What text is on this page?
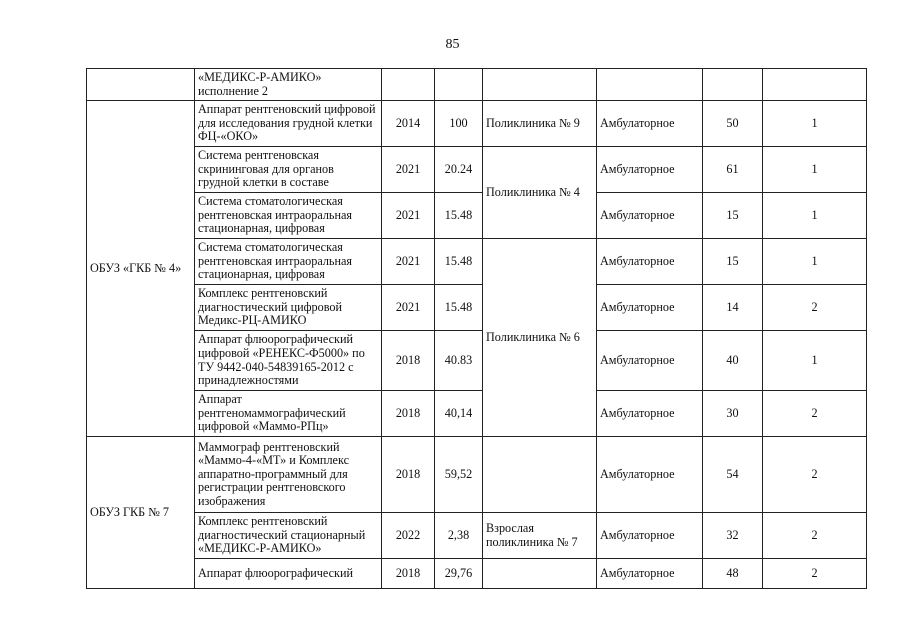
85
	«МЕДИКС-Р-АМИКО» исполнение 2						
ОБУЗ «ГКБ № 4»	Аппарат рентгеновский цифровой для исследования грудной клетки ФЦ-«ОКО»	2014	100	Поликлиника № 9	Амбулаторное	50	1
	Система рентгеновская скрининговая для органов грудной клетки в составе	2021	20.24	Поликлиника № 4	Амбулаторное	61	1
	Система стоматологическая рентгеновская интраоральная стационарная, цифровая	2021	15.48		Амбулаторное	15	1
	Система стоматологическая рентгеновская интраоральная стационарная, цифровая	2021	15.48	Поликлиника № 6	Амбулаторное	15	1
	Комплекс рентгеновский диагностический цифровой Медикс-РЦ-АМИКО	2021	15.48		Амбулаторное	14	2
	Аппарат флюорографический цифровой «РЕНЕКС-Ф5000» по ТУ 9442-040-54839165-2012 с принадлежностями	2018	40.83		Амбулаторное	40	1
	Аппарат рентгеномаммографический цифровой «Маммо-РПц»	2018	40,14		Амбулаторное	30	2
ОБУЗ ГКБ № 7	Маммограф рентгеновский «Маммо-4-«МТ» и Комплекс аппаратно-программный для регистрации рентгеновского изображения	2018	59,52		Амбулаторное	54	2
	Комплекс рентгеновский диагностический стационарный «МЕДИКС-Р-АМИКО»	2022	2,38	Взрослая поликлиника № 7	Амбулаторное	32	2
	Аппарат флюорографический	2018	29,76		Амбулаторное	48	2
